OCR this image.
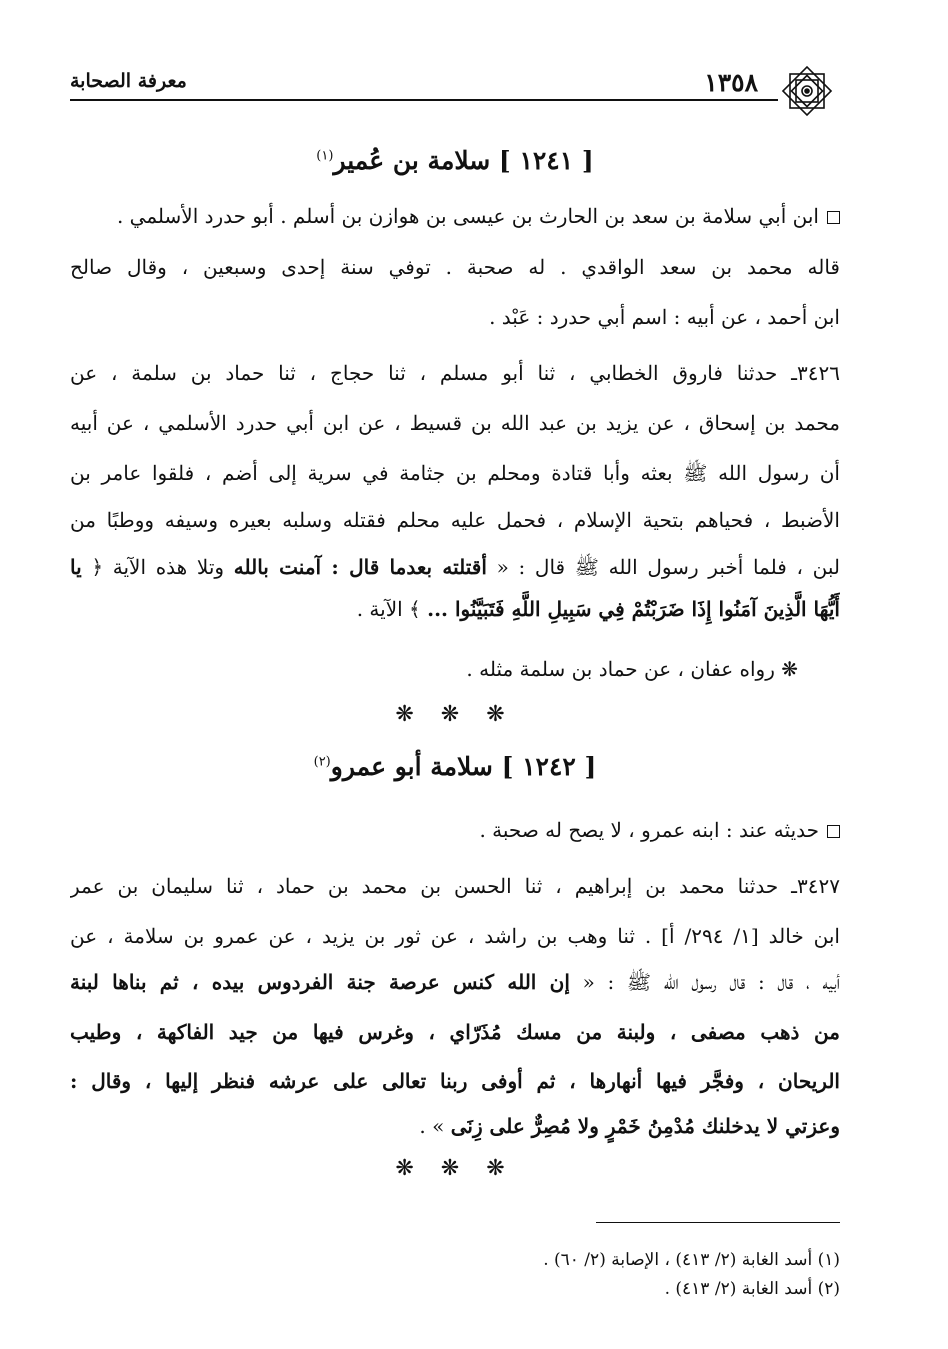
١٣٥٨
معرفة الصحابة
[ ١٢٤١ ] سلامة بن عُمير$^{(١)}$
ابن أبي سلامة بن سعد بن الحارث بن عيسى بن هوازن بن أسلم . أبو حدرد الأسلمي .
قاله محمد بن سعد الواقدي . له صحبة . توفي سنة إحدى وسبعين ، وقال صالح
ابن أحمد ، عن أبيه : اسم أبي حدرد : عَبْد .
٣٤٢٦ـ حدثنا فاروق الخطابي ، ثنا أبو مسلم ، ثنا حجاج ، ثنا حماد بن سلمة ، عن
محمد بن إسحاق ، عن يزيد بن عبد الله بن قسيط ، عن ابن أبي حدرد الأسلمي ، عن أبيه
أن رسول الله ﷺ بعثه وأبا قتادة ومحلم بن جثامة في سرية إلى أضم ، فلقوا عامر بن
الأضبط ، فحياهم بتحية الإسلام ، فحمل عليه محلم فقتله وسلبه بعيره وسيفه ووطبًا من
لبن ، فلما أخبر رسول الله ﷺ قال : « أقتلته بعدما قال : آمنت بالله وتلا هذه الآية ﴿ يا
أَيُّهَا الَّذِينَ آمَنُوا إِذَا ضَرَبْتُمْ فِي سَبِيلِ اللَّهِ فَتَبَيَّنُوا ... ﴾ الآية .
❋ رواه عفان ، عن حماد بن سلمة مثله .
❋ ❋ ❋
[ ١٢٤٢ ] سلامة أبو عمرو$^{(٢)}$
حديثه عند : ابنه عمرو ، لا يصح له صحبة .
٣٤٢٧ـ حدثنا محمد بن إبراهيم ، ثنا الحسن بن محمد بن حماد ، ثنا سليمان بن عمر
ابن خالد [١/ ٢٩٤/ أ] . ثنا وهب بن راشد ، عن ثور بن يزيد ، عن عمرو بن سلامة ، عن
أبيه ، قال : قال رسول الله ﷺ : « إن الله كنس عرصة جنة الفردوس بيده ، ثم بناها لبنة
من ذهب مصفى ، ولبنة من مسك مُذَرّاي ، وغرس فيها من جيد الفاكهة ، وطيب
الريحان ، وفجَّر فيها أنهارها ، ثم أوفى ربنا تعالى على عرشه فنظر إليها ، وقال :
وعزتي لا يدخلنك مُدْمِنُ خَمْرٍ ولا مُصِرٌّ على زِنَى » .
❋ ❋ ❋
(١) أسد الغابة (٢/ ٤١٣) ، الإصابة (٢/ ٦٠) .
(٢) أسد الغابة (٢/ ٤١٣) .
